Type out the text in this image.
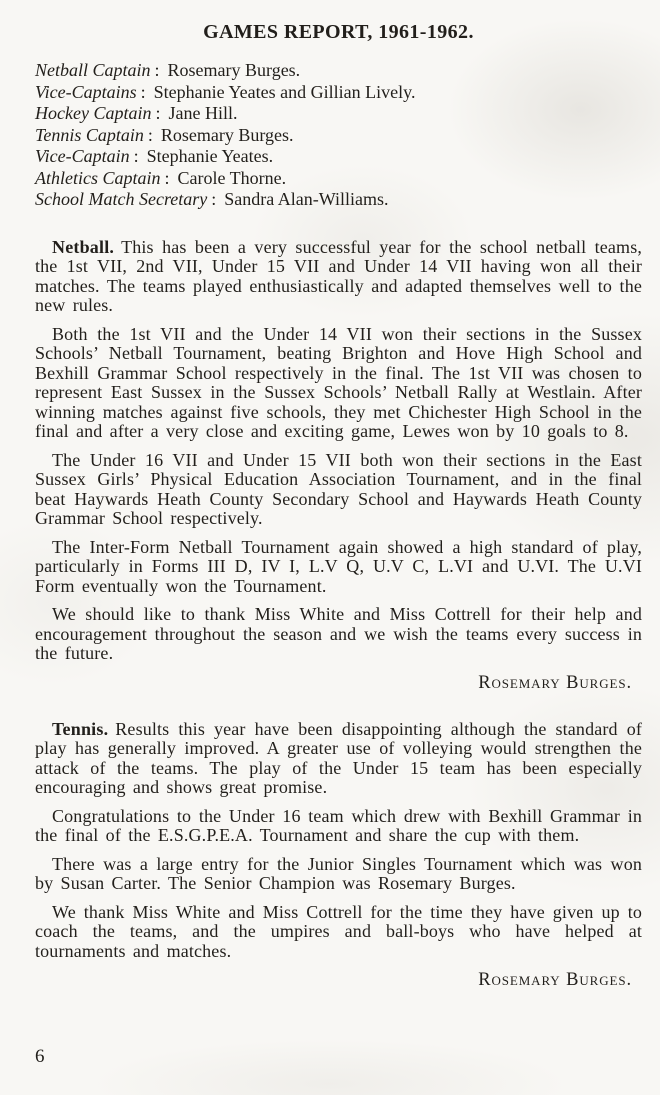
GAMES REPORT, 1961-1962.
Netball Captain : Rosemary Burges.
Vice-Captains : Stephanie Yeates and Gillian Lively.
Hockey Captain : Jane Hill.
Tennis Captain : Rosemary Burges.
Vice-Captain : Stephanie Yeates.
Athletics Captain : Carole Thorne.
School Match Secretary : Sandra Alan-Williams.

Netball. This has been a very successful year for the school netball teams, the 1st VII, 2nd VII, Under 15 VII and Under 14 VII having won all their matches. The teams played enthusiastically and adapted themselves well to the new rules.

Both the 1st VII and the Under 14 VII won their sections in the Sussex Schools’ Netball Tournament, beating Brighton and Hove High School and Bexhill Grammar School respectively in the final. The 1st VII was chosen to represent East Sussex in the Sussex Schools’ Netball Rally at Westlain. After winning matches against five schools, they met Chichester High School in the final and after a very close and exciting game, Lewes won by 10 goals to 8.

The Under 16 VII and Under 15 VII both won their sections in the East Sussex Girls’ Physical Education Association Tournament, and in the final beat Haywards Heath County Secondary School and Haywards Heath County Grammar School respectively.

The Inter-Form Netball Tournament again showed a high standard of play, particularly in Forms III D, IV I, L.V Q, U.V C, L.VI and U.VI. The U.VI Form eventually won the Tournament.

We should like to thank Miss White and Miss Cottrell for their help and encouragement throughout the season and we wish the teams every success in the future.

Rosemary Burges.

Tennis. Results this year have been disappointing although the standard of play has generally improved. A greater use of volleying would strengthen the attack of the teams. The play of the Under 15 team has been especially encouraging and shows great promise.

Congratulations to the Under 16 team which drew with Bexhill Grammar in the final of the E.S.G.P.E.A. Tournament and share the cup with them.

There was a large entry for the Junior Singles Tournament which was won by Susan Carter. The Senior Champion was Rosemary Burges.

We thank Miss White and Miss Cottrell for the time they have given up to coach the teams, and the umpires and ball-boys who have helped at tournaments and matches.

Rosemary Burges.
6
